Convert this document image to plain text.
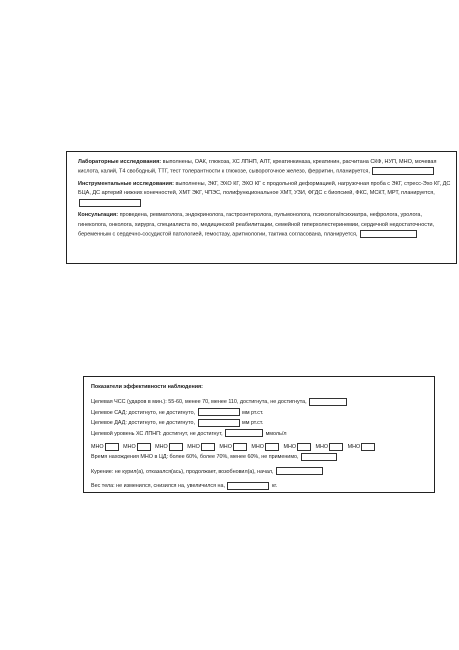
Лабораторные исследования: выполнены, ОАК, глюкоза, ХС ЛПНП, АЛТ, креатинкиназа, креатинин, расчитана СКФ, НУП, МНО, мочевая кислота, калий, Т4 свободный, ТТГ, тест толерантности к глюкозе, сывороточное железо, ферритин, планируется,
Инструментальные исследования: выполнены, ЭКГ, ЭХО КГ, ЭХО КГ с продольной деформацией, нагрузочная проба с ЭКГ, стресс-Эхо КГ, ДС БЦА, ДС артерий нижних конечностей, ХМТ ЭКГ, ЧПЭС, полифункциональное ХМТ, УЗИ, ФГДС с биопсией, ФКС, МСКТ, МРТ, планируется,
Консультация: проведена, ревматолога, эндокринолога, гастроэнтеролога, пульмонолога, психолога/психиатра, нефролога, уролога, гинеколога, онколога, хирурга, специалиста по, медицинской реабилитации, семейной гиперхолестеринемии, сердечной недостаточности, беременным с сердечно-сосудистой патологией, гемостазу, аритмологии, тактика согласована, планируется,
Показатели эффективности наблюдения:
Целевая ЧСС (ударов в мин.): 55-60, менее 70, менее 110, достигнута, не достигнута,
Целевое САД: достигнуто, не достигнуто,	мм рт.ст.
Целевое ДАД: достигнуто, не достигнуто,	мм рт.ст.
Целевой уровень ХС ЛПНП: достигнут, не достигнут,	ммоль/л
МНО	МНО	МНО	МНО	МНО	МНО	МНО	МНО	МНО
Время нахождения МНО в ЦД: более 60%, более 70%, менее 60%, не применимо,
Курение: не курил(а), отказался(ась), продолжает, возобновил(а), начал,
Вес тела: не изменился, снизился на, увеличился на,	кг.
